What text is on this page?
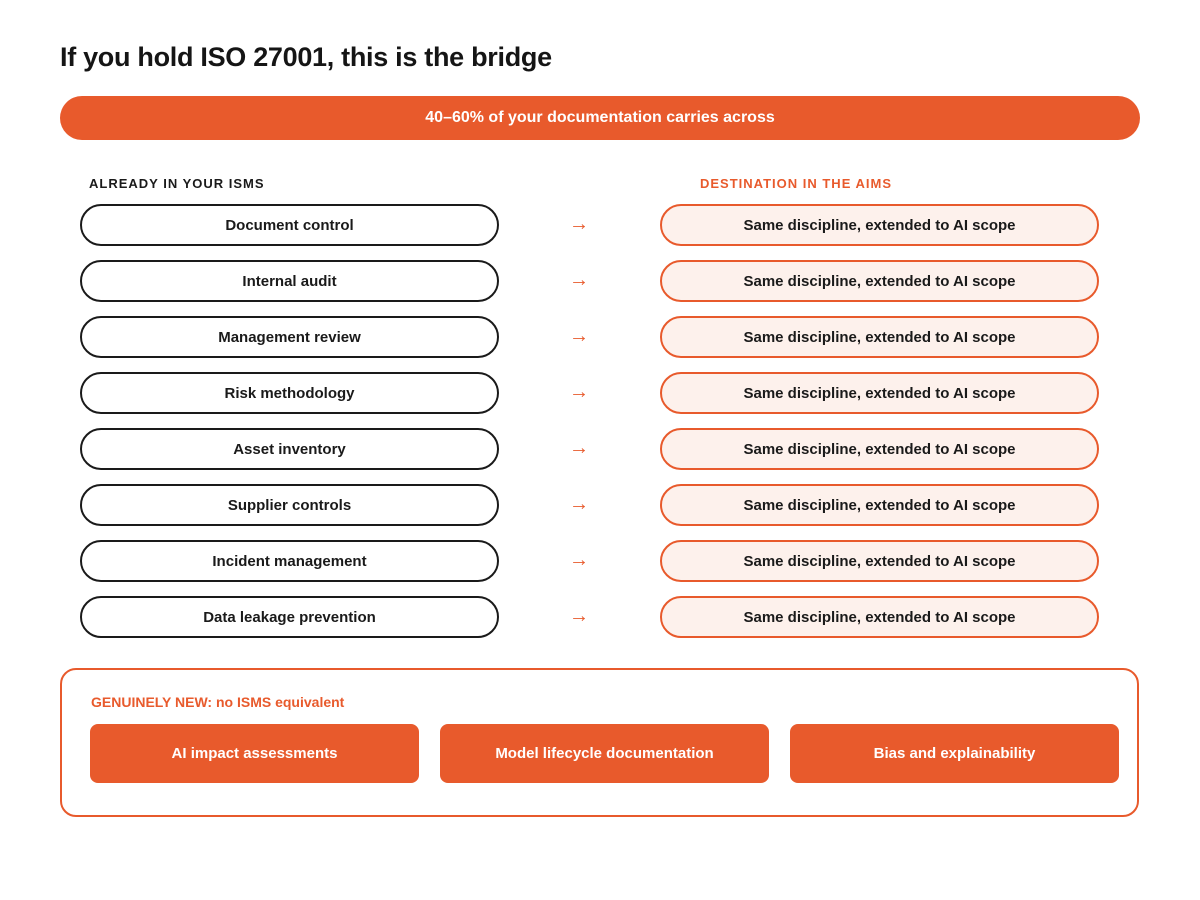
If you hold ISO 27001, this is the bridge
40–60% of your documentation carries across
ALREADY IN YOUR ISMS	DESTINATION IN THE AIMS
Document control	→	Same discipline, extended to AI scope
Internal audit	→	Same discipline, extended to AI scope
Management review	→	Same discipline, extended to AI scope
Risk methodology	→	Same discipline, extended to AI scope
Asset inventory	→	Same discipline, extended to AI scope
Supplier controls	→	Same discipline, extended to AI scope
Incident management	→	Same discipline, extended to AI scope
Data leakage prevention	→	Same discipline, extended to AI scope
GENUINELY NEW: no ISMS equivalent
AI impact assessments	Model lifecycle documentation	Bias and explainability
